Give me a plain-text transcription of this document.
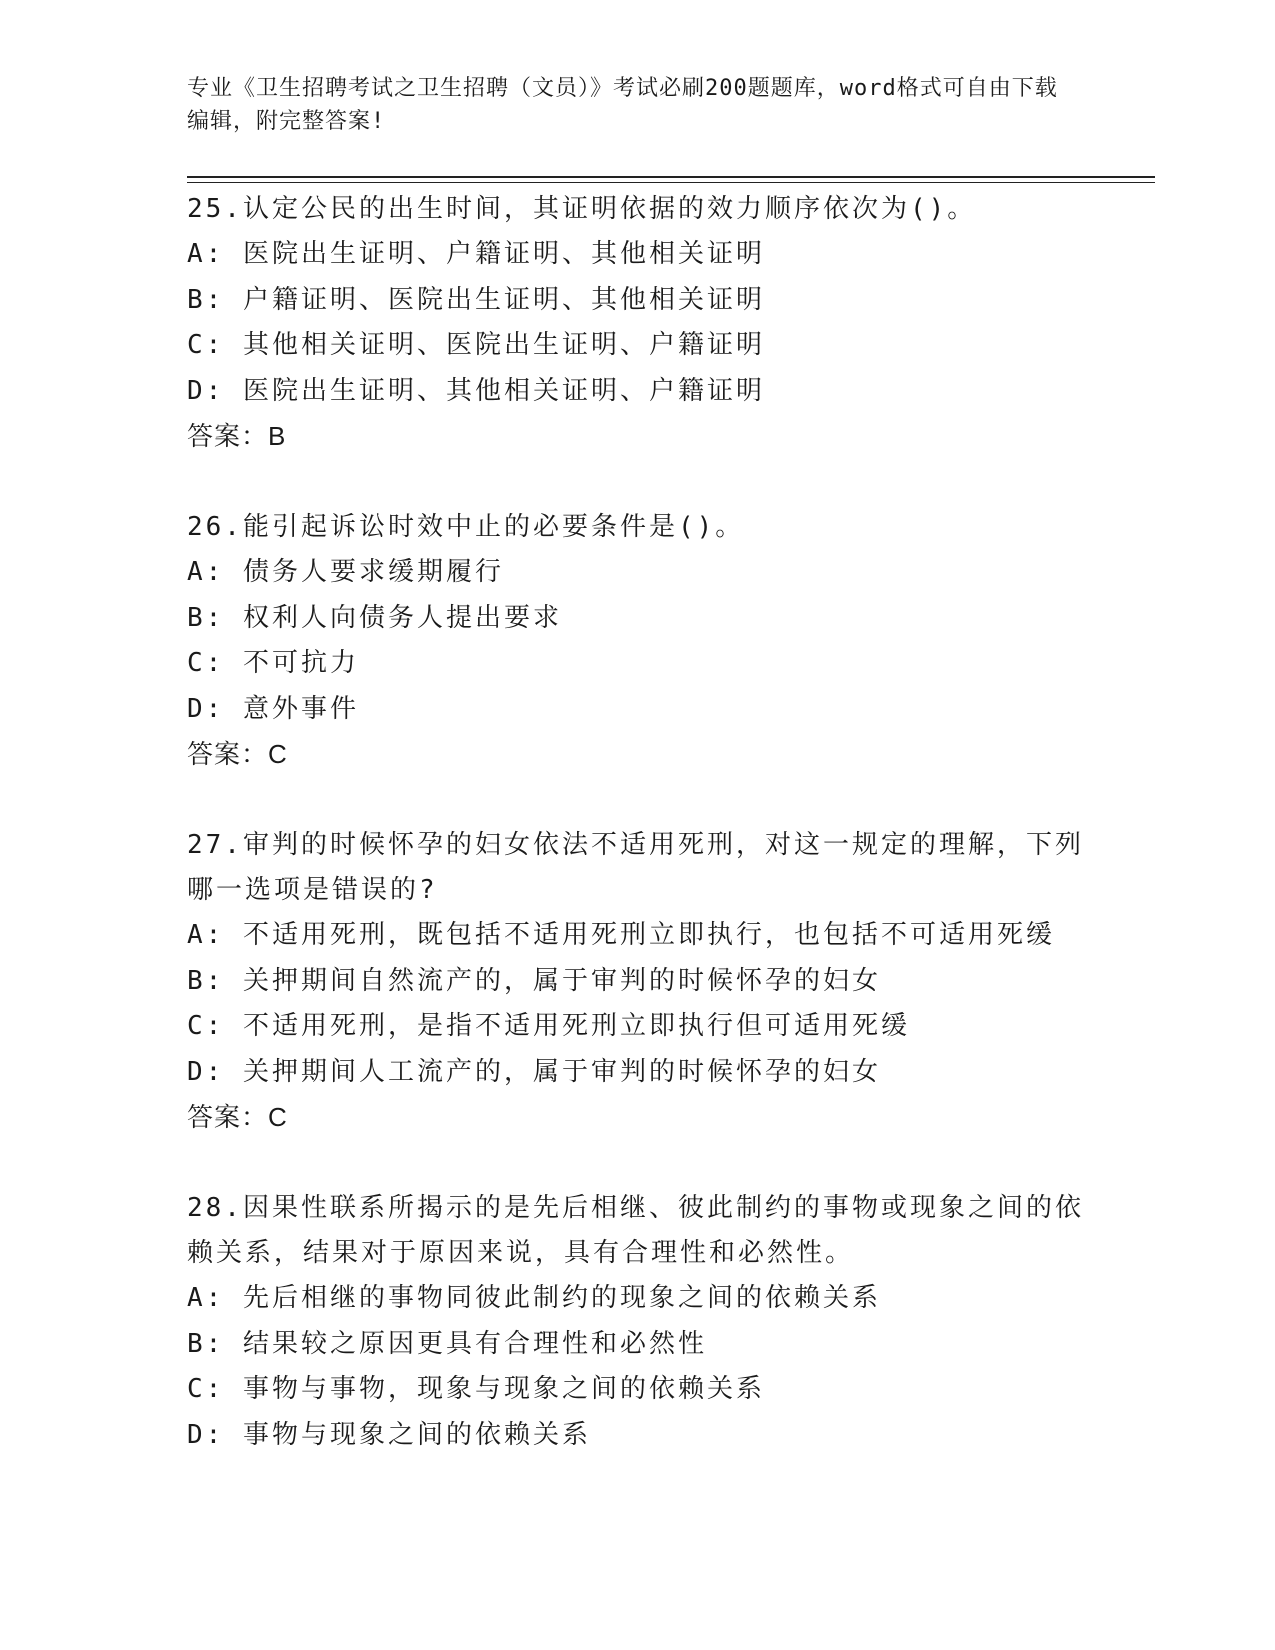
专业《卫生招聘考试之卫生招聘（文员）》考试必刷200题题库，word格式可自由下载编辑，附完整答案!

25.认定公民的出生时间，其证明依据的效力顺序依次为()。

A: 医院出生证明、户籍证明、其他相关证明

B: 户籍证明、医院出生证明、其他相关证明

C: 其他相关证明、医院出生证明、户籍证明

D: 医院出生证明、其他相关证明、户籍证明

答案：B

26.能引起诉讼时效中止的必要条件是()。

A: 债务人要求缓期履行

B: 权利人向债务人提出要求

C: 不可抗力

D: 意外事件

答案：C

27.审判的时候怀孕的妇女依法不适用死刑，对这一规定的理解，下列哪一选项是错误的?

A: 不适用死刑，既包括不适用死刑立即执行，也包括不可适用死缓

B: 关押期间自然流产的，属于审判的时候怀孕的妇女

C: 不适用死刑，是指不适用死刑立即执行但可适用死缓

D: 关押期间人工流产的，属于审判的时候怀孕的妇女

答案：C

28.因果性联系所揭示的是先后相继、彼此制约的事物或现象之间的依赖关系，结果对于原因来说，具有合理性和必然性。

A: 先后相继的事物同彼此制约的现象之间的依赖关系

B: 结果较之原因更具有合理性和必然性

C: 事物与事物，现象与现象之间的依赖关系

D: 事物与现象之间的依赖关系
